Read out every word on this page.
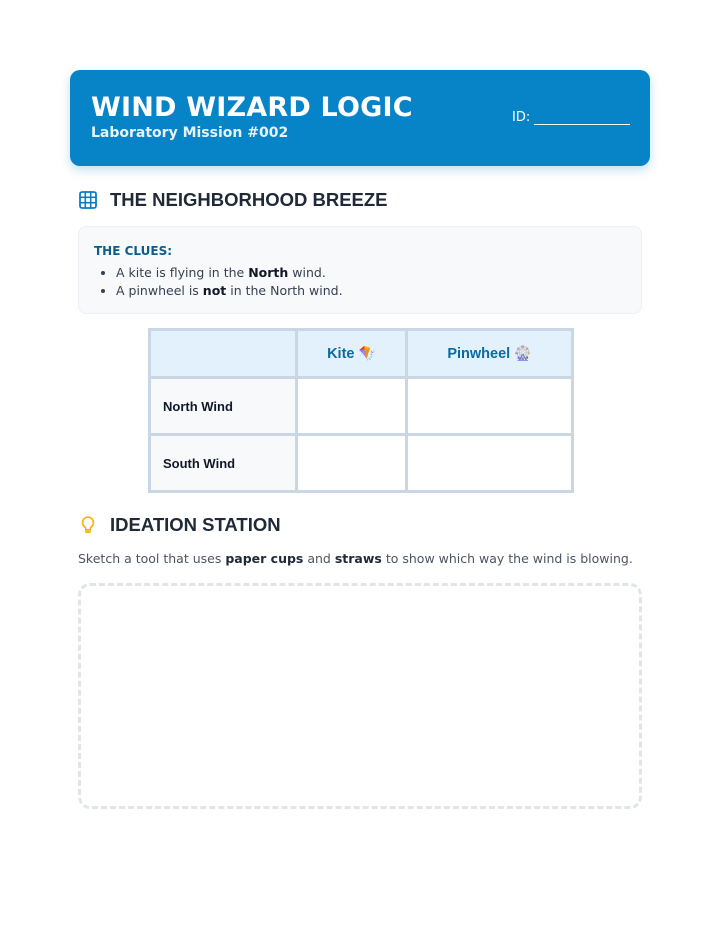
WIND WIZARD LOGIC
Laboratory Mission #002
ID:
THE NEIGHBORHOOD BREEZE
THE CLUES:
• A kite is flying in the North wind.
• A pinwheel is not in the North wind.
	Kite 🪁	Pinwheel 🎡
North Wind		
South Wind		
IDEATION STATION
Sketch a tool that uses paper cups and straws to show which way the wind is blowing.
